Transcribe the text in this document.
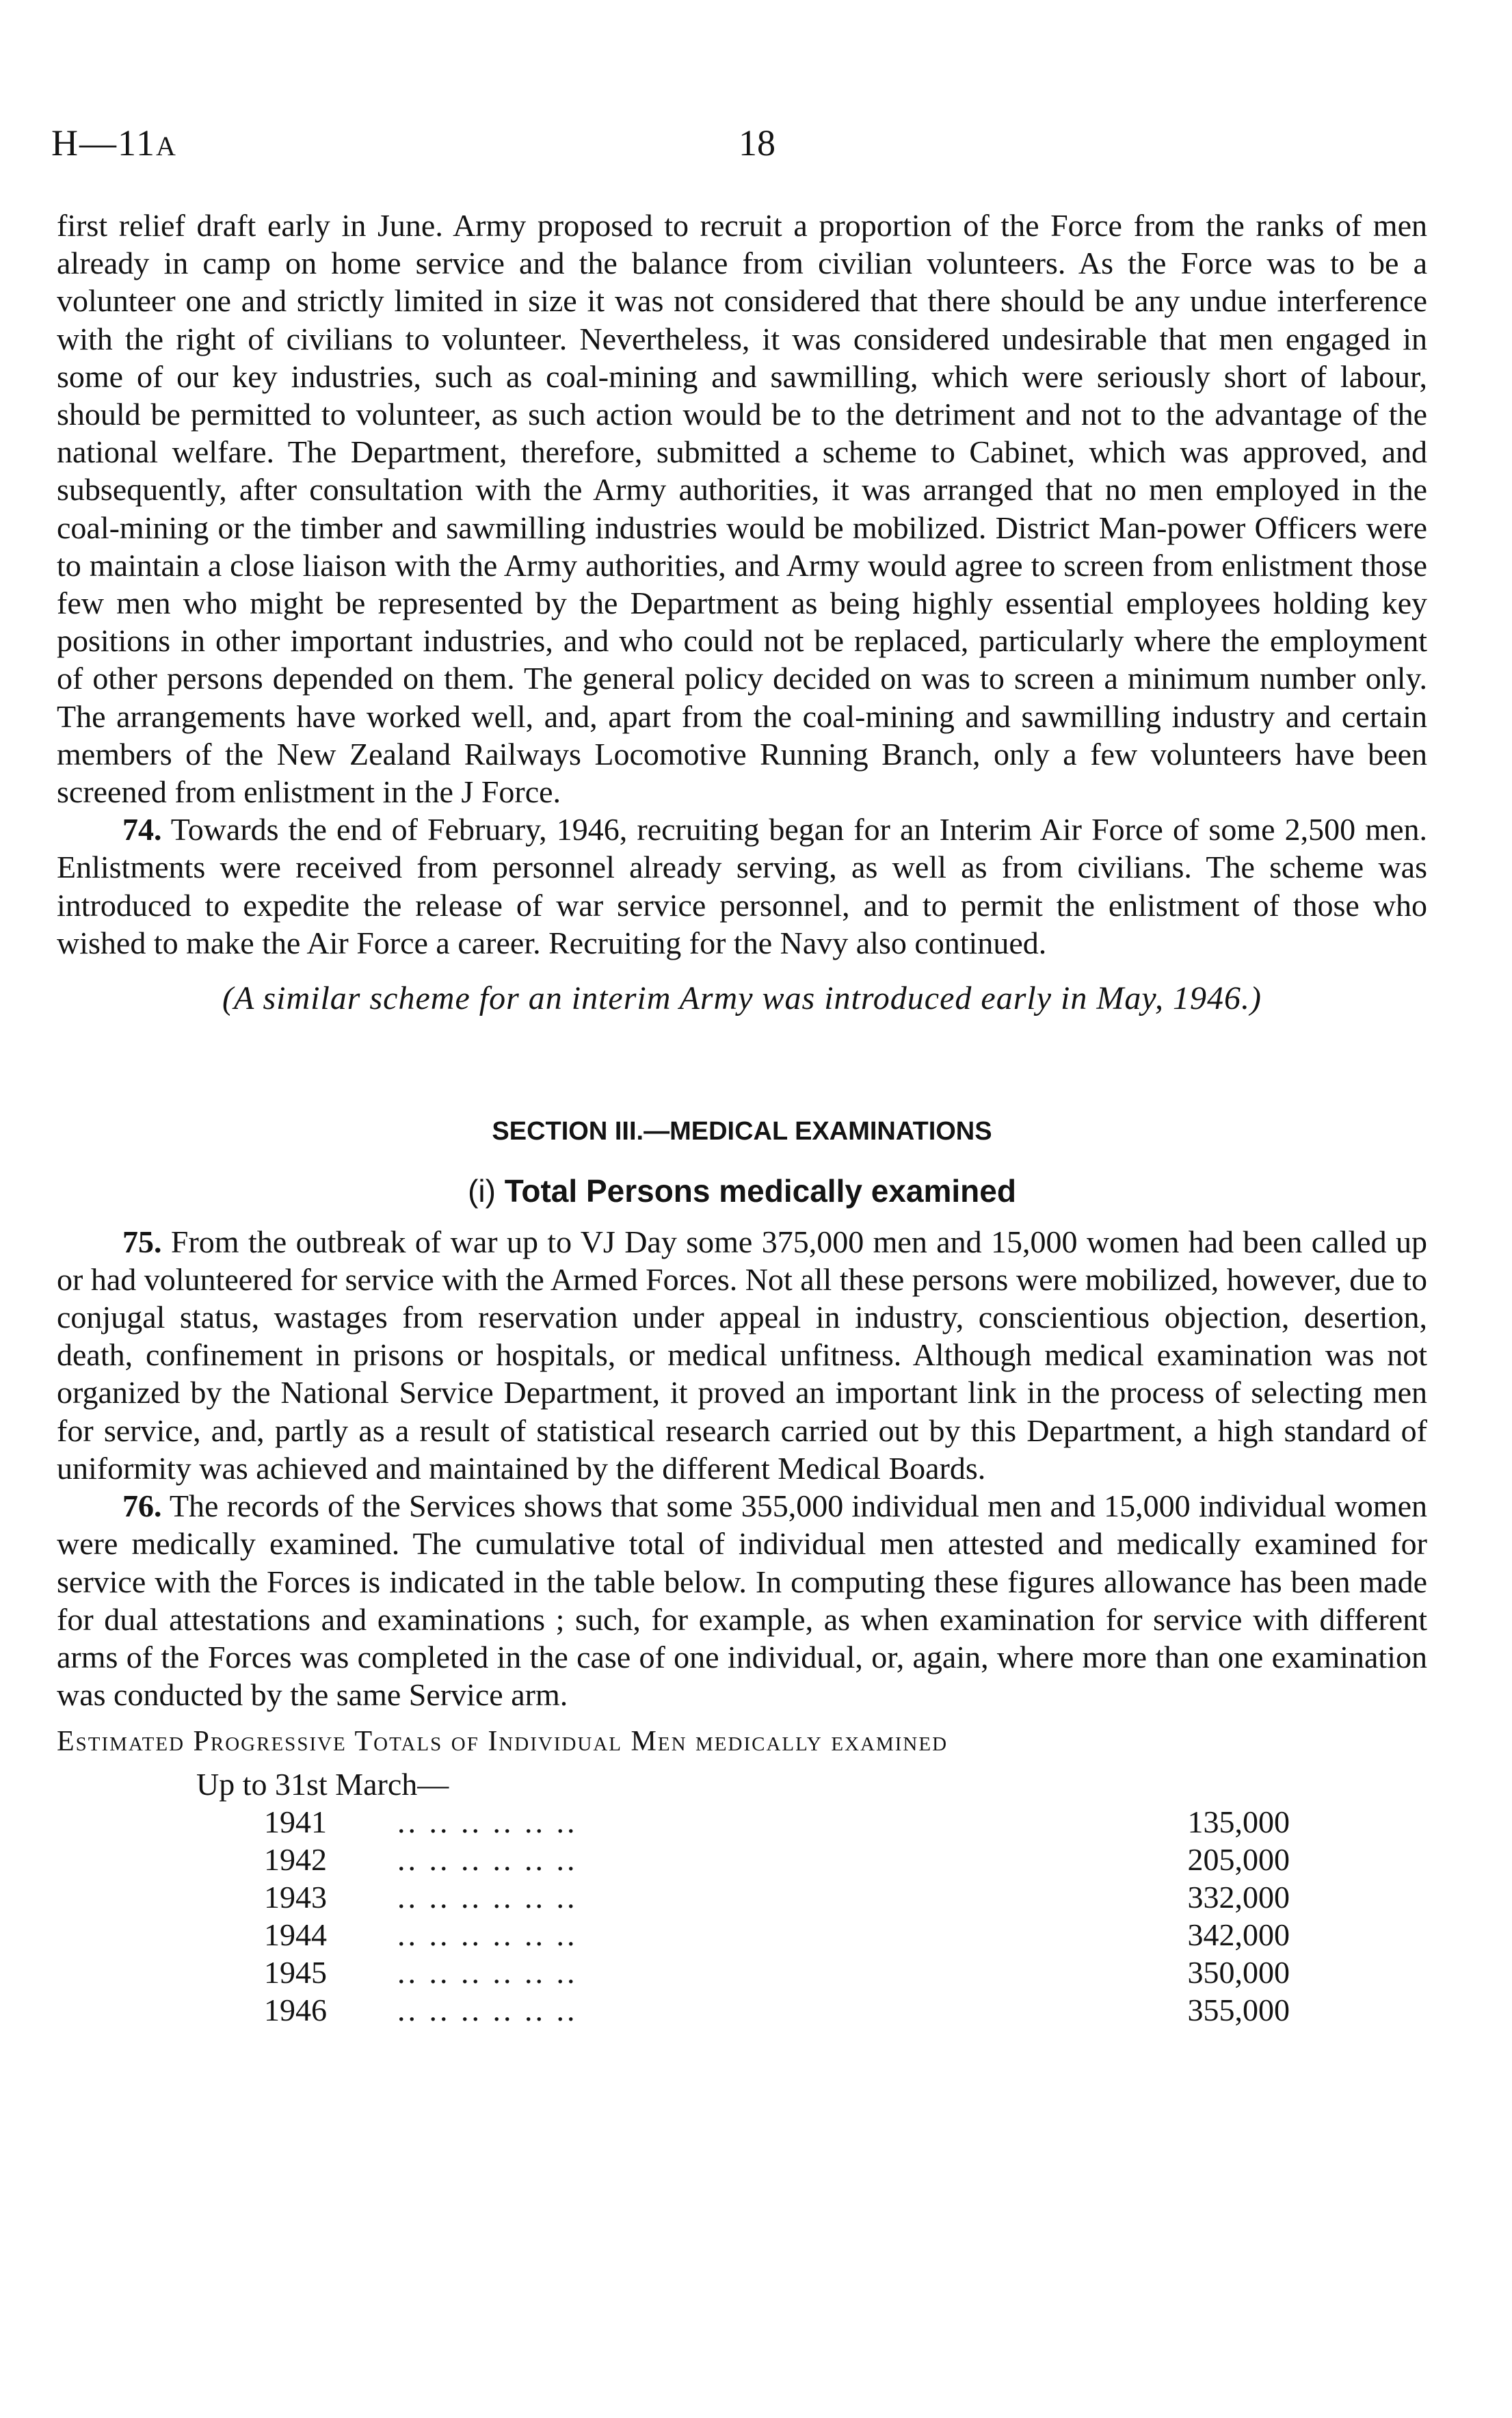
H—11A	18

first relief draft early in June. Army proposed to recruit a proportion of the Force from the ranks of men already in camp on home service and the balance from civilian volunteers. As the Force was to be a volunteer one and strictly limited in size it was not considered that there should be any undue interference with the right of civilians to volunteer. Nevertheless, it was considered undesirable that men engaged in some of our key industries, such as coal-mining and sawmilling, which were seriously short of labour, should be permitted to volunteer, as such action would be to the detriment and not to the advantage of the national welfare. The Department, therefore, submitted a scheme to Cabinet, which was approved, and subsequently, after consultation with the Army authorities, it was arranged that no men employed in the coal-mining or the timber and sawmilling industries would be mobilized. District Man-power Officers were to maintain a close liaison with the Army authorities, and Army would agree to screen from enlistment those few men who might be represented by the Department as being highly essential employees holding key positions in other important industries, and who could not be replaced, particularly where the employment of other persons depended on them. The general policy decided on was to screen a minimum number only. The arrangements have worked well, and, apart from the coal-mining and sawmilling industry and certain members of the New Zealand Railways Locomotive Running Branch, only a few volunteers have been screened from enlistment in the J Force.

74. Towards the end of February, 1946, recruiting began for an Interim Air Force of some 2,500 men. Enlistments were received from personnel already serving, as well as from civilians. The scheme was introduced to expedite the release of war service personnel, and to permit the enlistment of those who wished to make the Air Force a career. Recruiting for the Navy also continued.

(A similar scheme for an interim Army was introduced early in May, 1946.)

SECTION III.—MEDICAL EXAMINATIONS
(i) Total Persons medically examined

75. From the outbreak of war up to VJ Day some 375,000 men and 15,000 women had been called up or had volunteered for service with the Armed Forces. Not all these persons were mobilized, however, due to conjugal status, wastages from reservation under appeal in industry, conscientious objection, desertion, death, confinement in prisons or hospitals, or medical unfitness. Although medical examination was not organized by the National Service Department, it proved an important link in the process of selecting men for service, and, partly as a result of statistical research carried out by this Department, a high standard of uniformity was achieved and maintained by the different Medical Boards.

76. The records of the Services shows that some 355,000 individual men and 15,000 individual women were medically examined. The cumulative total of individual men attested and medically examined for service with the Forces is indicated in the table below. In computing these figures allowance has been made for dual attestations and examinations ; such, for example, as when examination for service with different arms of the Forces was completed in the case of one individual, or, again, where more than one examination was conducted by the same Service arm.

Estimated Progressive Totals of Individual Men medically examined
Up to 31st March—
1941 .. .. .. .. .. ..	135,000
1942 .. .. .. .. .. ..	205,000
1943 .. .. .. .. .. ..	332,000
1944 .. .. .. .. .. ..	342,000
1945 .. .. .. .. .. ..	350,000
1946 .. .. .. .. .. ..	355,000
